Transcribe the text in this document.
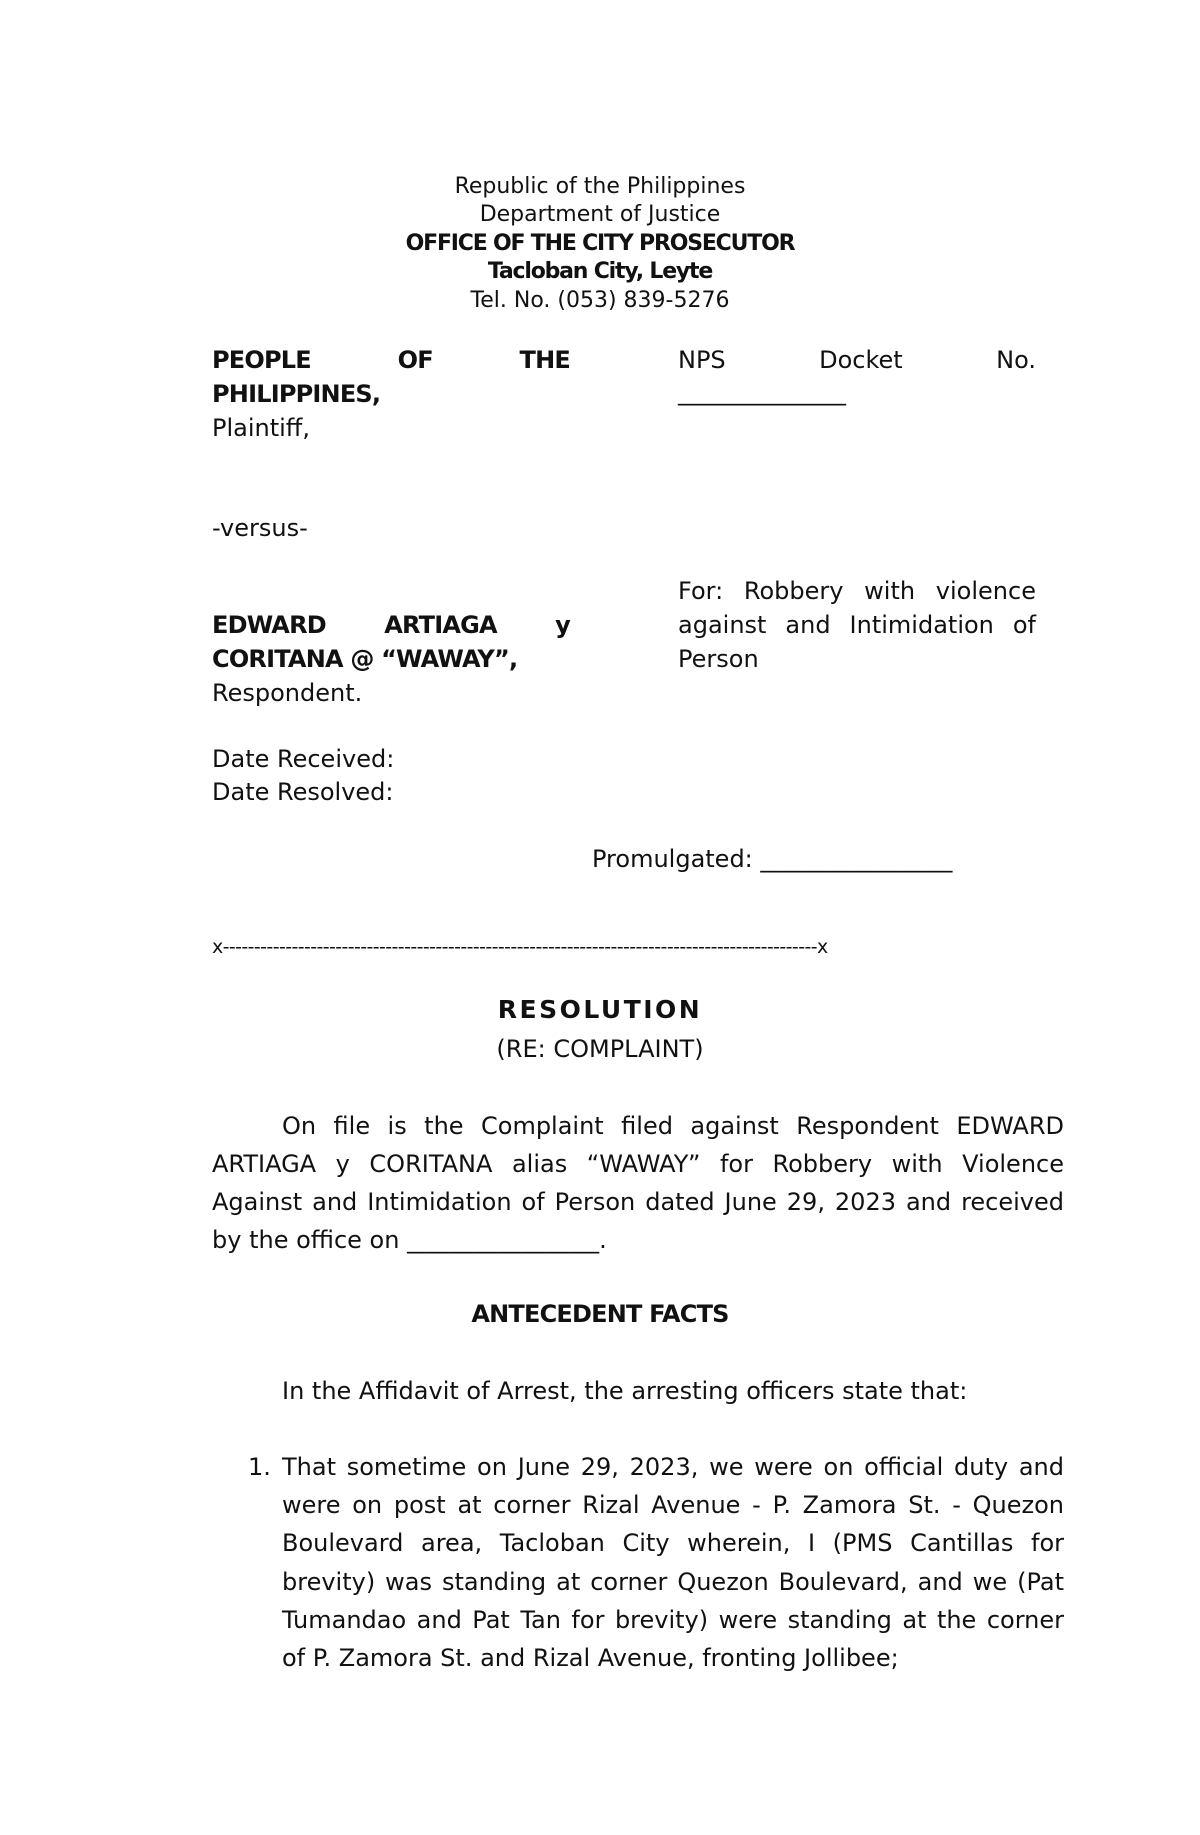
Republic of the Philippines
Department of Justice
OFFICE OF THE CITY PROSECUTOR
Tacloban City, Leyte
Tel. No. (053) 839-5276
PEOPLE	OF	THE
PHILIPPINES,
Plaintiff,
NPS	Docket	No.
______________
-versus-
EDWARD ARTIAGA y
CORITANA @ “WAWAY”,
Respondent.
For: Robbery with violence
against and Intimidation of
Person
Date Received:
Date Resolved:
Promulgated: ________________
x-----------------------------------------------------------------------------------------------x
RESOLUTION
(RE: COMPLAINT)
On file is the Complaint filed against Respondent EDWARD
ARTIAGA y CORITANA alias “WAWAY” for Robbery with Violence
Against and Intimidation of Person dated June 29, 2023 and received
by the office on ________________.
ANTECEDENT FACTS
In the Affidavit of Arrest, the arresting officers state that:
1. That sometime on June 29, 2023, we were on official duty and
were on post at corner Rizal Avenue - P. Zamora St. - Quezon
Boulevard area, Tacloban City wherein, I (PMS Cantillas for
brevity) was standing at corner Quezon Boulevard, and we (Pat
Tumandao and Pat Tan for brevity) were standing at the corner
of P. Zamora St. and Rizal Avenue, fronting Jollibee;
